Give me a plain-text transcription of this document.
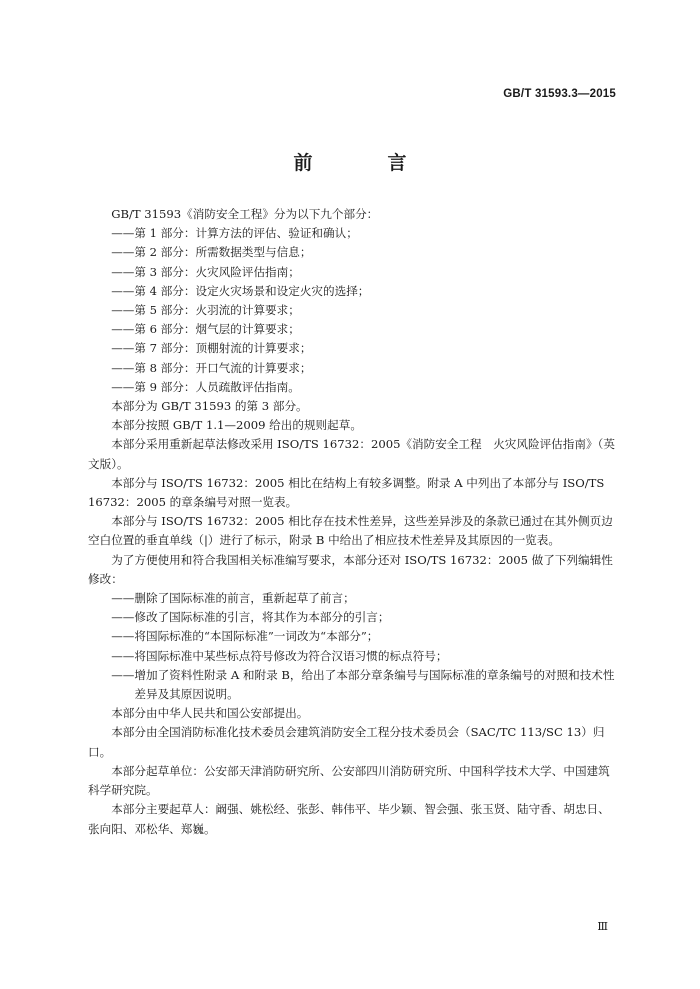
GB/T 31593.3—2015
前　言

GB/T 31593《消防安全工程》分为以下九个部分：

——第 1 部分：计算方法的评估、验证和确认；

——第 2 部分：所需数据类型与信息；

——第 3 部分：火灾风险评估指南；

——第 4 部分：设定火灾场景和设定火灾的选择；

——第 5 部分：火羽流的计算要求；

——第 6 部分：烟气层的计算要求；

——第 7 部分：顶棚射流的计算要求；

——第 8 部分：开口气流的计算要求；

——第 9 部分：人员疏散评估指南。

本部分为 GB/T 31593 的第 3 部分。

本部分按照 GB/T 1.1—2009 给出的规则起草。

本部分采用重新起草法修改采用 ISO/TS 16732：2005《消防安全工程　火灾风险评估指南》（英文版）。

本部分与 ISO/TS 16732：2005 相比在结构上有较多调整。附录 A 中列出了本部分与 ISO/TS 16732：2005 的章条编号对照一览表。

本部分与 ISO/TS 16732：2005 相比存在技术性差异，这些差异涉及的条款已通过在其外侧页边空白位置的垂直单线（|）进行了标示，附录 B 中给出了相应技术性差异及其原因的一览表。

为了方便使用和符合我国相关标准编写要求，本部分还对 ISO/TS 16732：2005 做了下列编辑性修改：

——删除了国际标准的前言，重新起草了前言；

——修改了国际标准的引言，将其作为本部分的引言；

——将国际标准的“本国际标准”一词改为“本部分”；

——将国际标准中某些标点符号修改为符合汉语习惯的标点符号；

——增加了资料性附录 A 和附录 B，给出了本部分章条编号与国际标准的章条编号的对照和技术性差异及其原因说明。

本部分由中华人民共和国公安部提出。

本部分由全国消防标准化技术委员会建筑消防安全工程分技术委员会（SAC/TC 113/SC 13）归口。

本部分起草单位：公安部天津消防研究所、公安部四川消防研究所、中国科学技术大学、中国建筑科学研究院。

本部分主要起草人：阚强、姚松经、张彭、韩伟平、毕少颖、智会强、张玉贤、陆守香、胡忠日、张向阳、邓松华、郑巍。

Ⅲ
